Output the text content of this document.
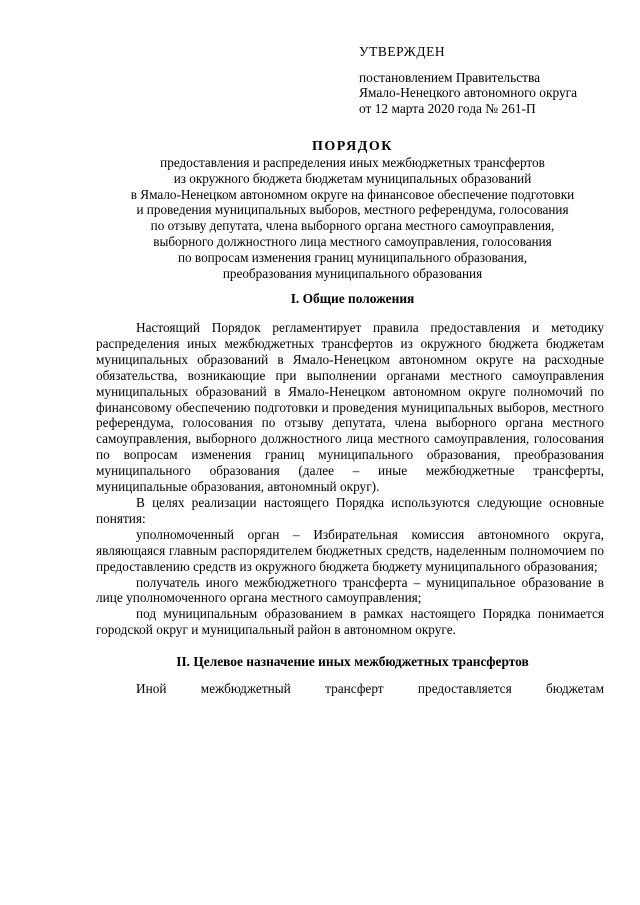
УТВЕРЖДЕН
постановлением Правительства
Ямало-Ненецкого автономного округа
от 12 марта 2020 года № 261-П
ПОРЯДОК
предоставления и распределения иных межбюджетных трансфертов
из окружного бюджета бюджетам муниципальных образований
в Ямало-Ненецком автономном округе на финансовое обеспечение подготовки
и проведения муниципальных выборов, местного референдума, голосования
по отзыву депутата, члена выборного органа местного самоуправления,
выборного должностного лица местного самоуправления, голосования
по вопросам изменения границ муниципального образования,
преобразования муниципального образования
I. Общие положения

Настоящий Порядок регламентирует правила предоставления и методику распределения иных межбюджетных трансфертов из окружного бюджета бюджетам муниципальных образований в Ямало-Ненецком автономном округе на расходные обязательства, возникающие при выполнении органами местного самоуправления муниципальных образований в Ямало-Ненецком автономном округе полномочий по финансовому обеспечению подготовки и проведения муниципальных выборов, местного референдума, голосования по отзыву депутата, члена выборного органа местного самоуправления, выборного должностного лица местного самоуправления, голосования по вопросам изменения границ муниципального образования, преобразования муниципального образования (далее – иные межбюджетные трансферты, муниципальные образования, автономный округ).

В целях реализации настоящего Порядка используются следующие основные понятия:

уполномоченный орган – Избирательная комиссия автономного округа, являющаяся главным распорядителем бюджетных средств, наделенным полномочием по предоставлению средств из окружного бюджета бюджету муниципального образования;

получатель иного межбюджетного трансферта – муниципальное образование в лице уполномоченного органа местного самоуправления;

под муниципальным образованием в рамках настоящего Порядка понимается городской округ и муниципальный район в автономном округе.

II. Целевое назначение иных межбюджетных трансфертов

Иной межбюджетный трансферт предоставляется бюджетам
